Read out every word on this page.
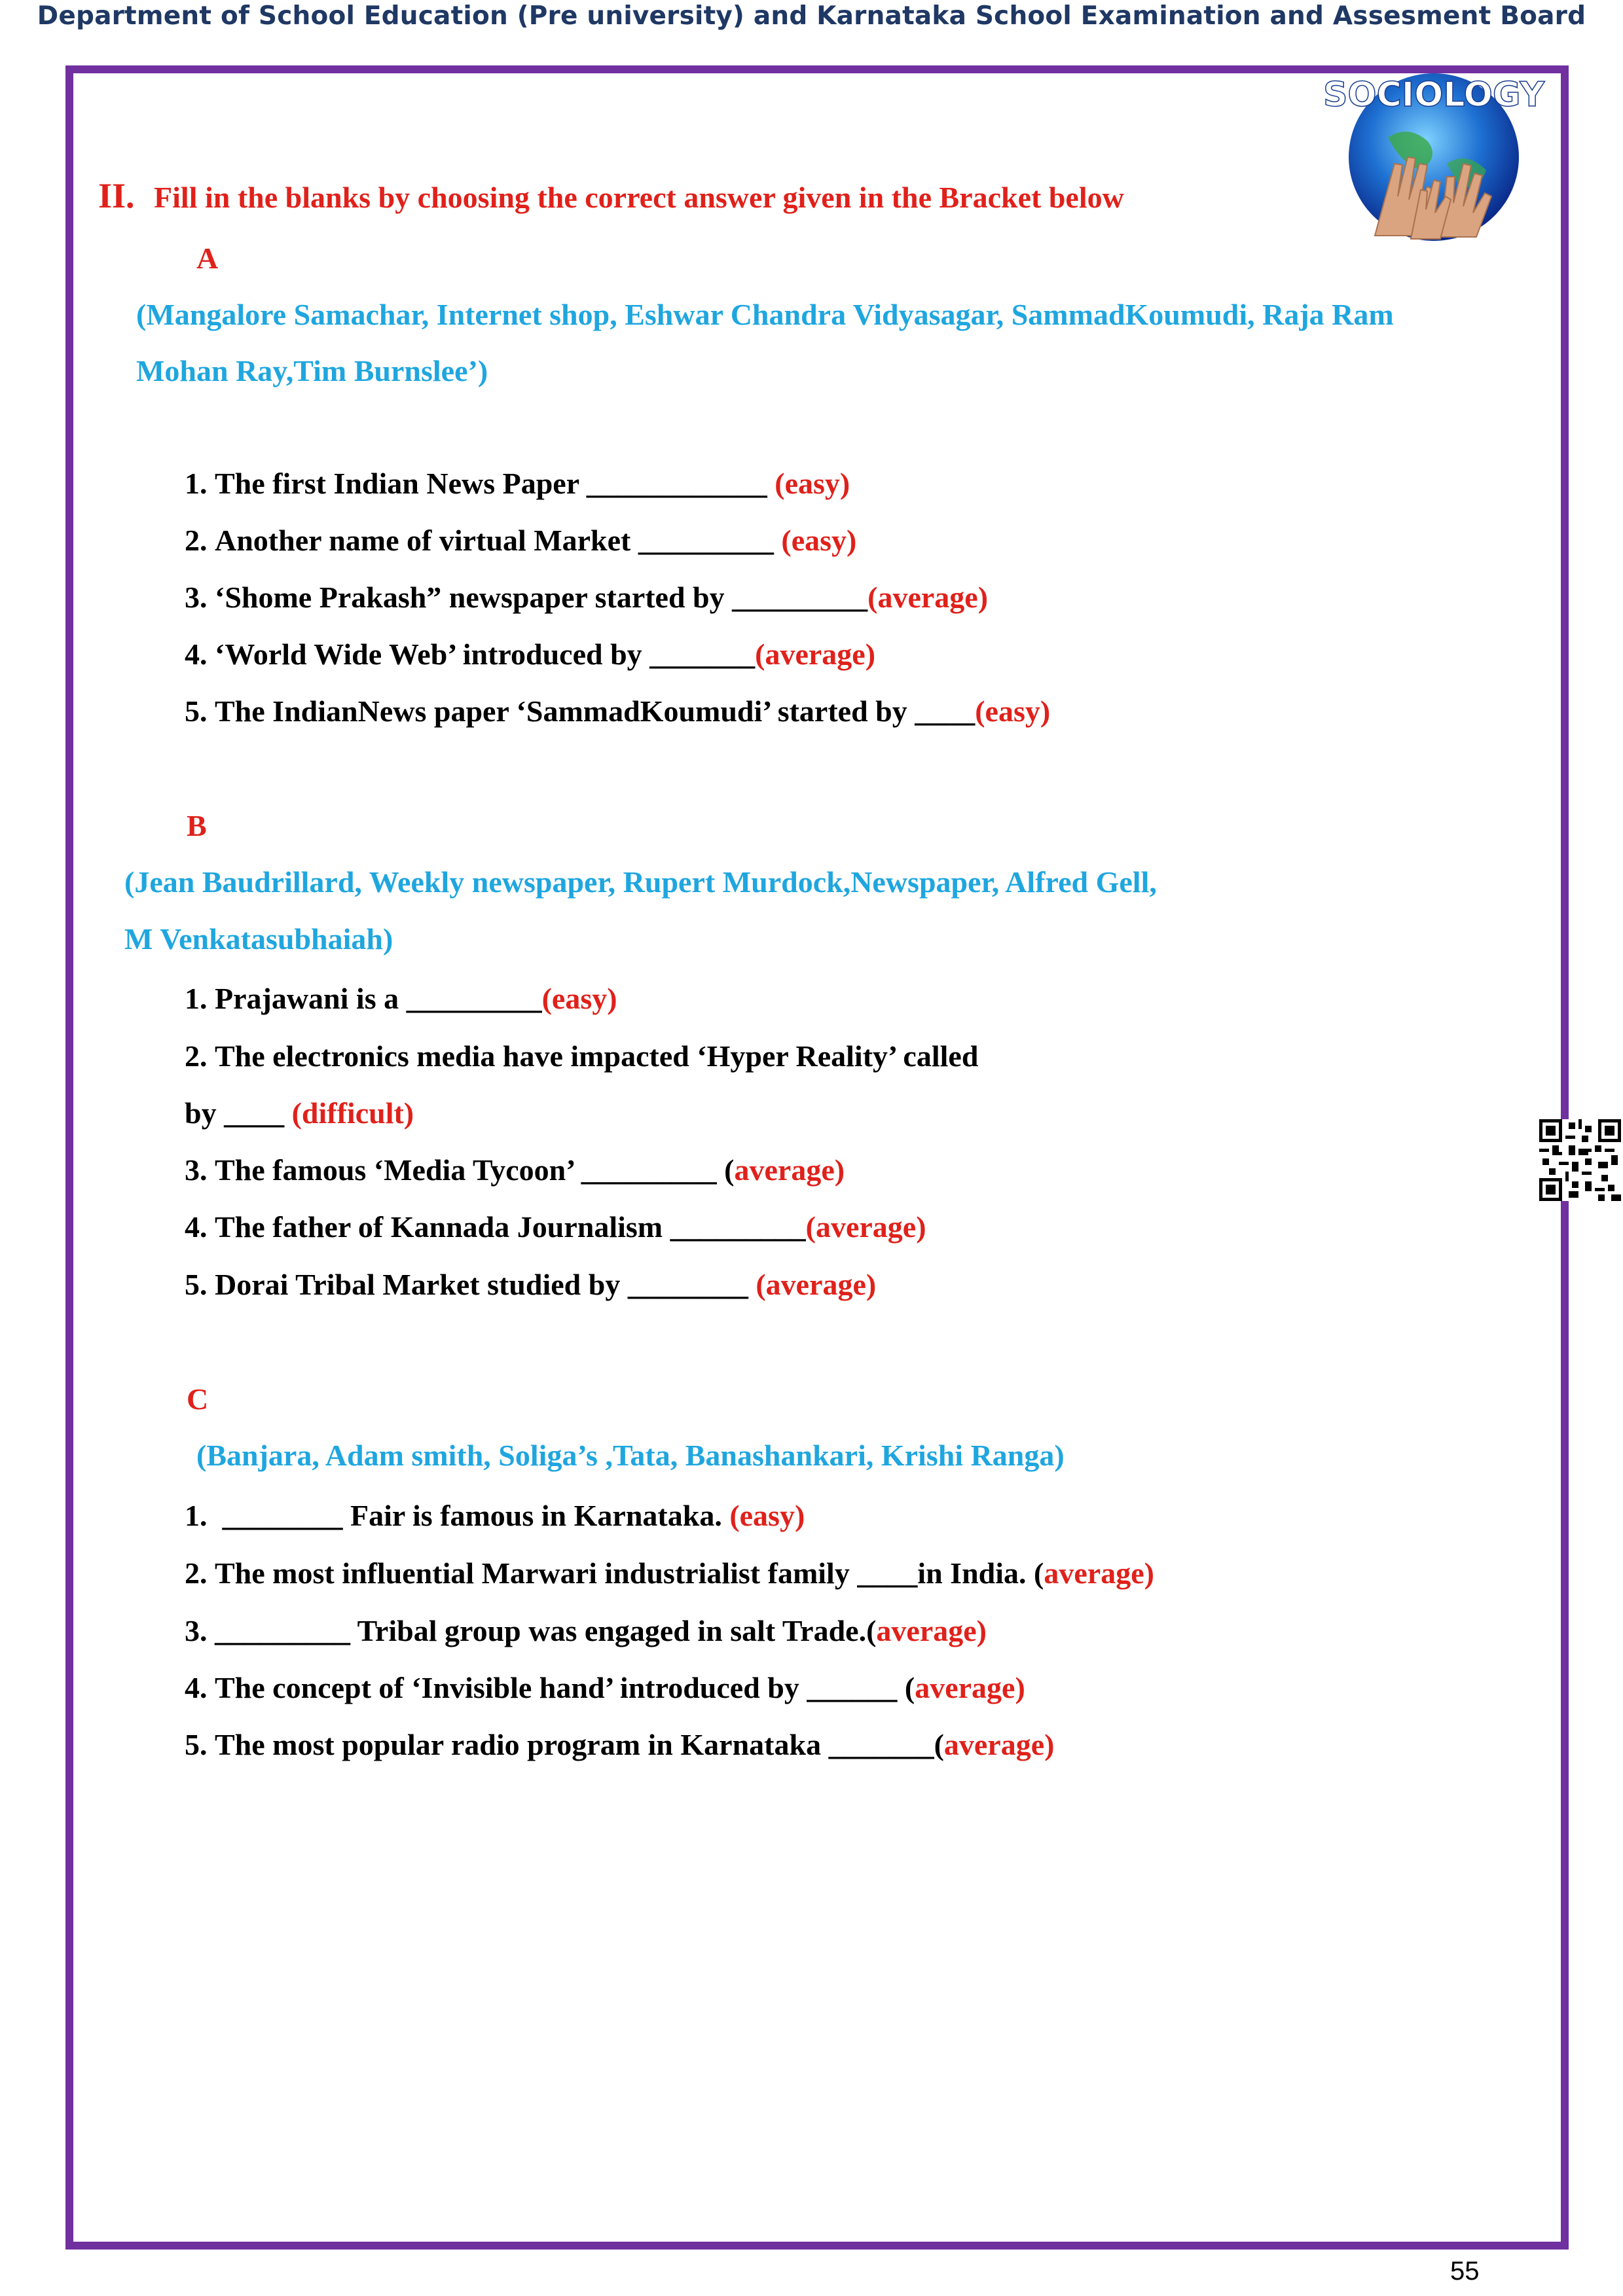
Department of School Education (Pre university) and Karnataka School Examination and Assesment Board
SOCIOLOGY
II. Fill in the blanks by choosing the correct answer given in the Bracket below
A
(Mangalore Samachar, Internet shop, Eshwar Chandra Vidyasagar, SammadKoumudi, Raja Ram
Mohan Ray,Tim Burnslee’)
1. The first Indian News Paper ____________ (easy)
2. Another name of virtual Market _________ (easy)
3. ‘Shome Prakash” newspaper started by _________(average)
4. ‘World Wide Web’ introduced by _______(average)
5. The IndianNews paper ‘SammadKoumudi’ started by ____(easy)
B
(Jean Baudrillard, Weekly newspaper, Rupert Murdock,Newspaper, Alfred Gell,
M Venkatasubhaiah)
1. Prajawani is a _________(easy)
2. The electronics media have impacted ‘Hyper Reality’ called
by ____ (difficult)
3. The famous ‘Media Tycoon’ _________ (average)
4. The father of Kannada Journalism _________(average)
5. Dorai Tribal Market studied by ________ (average)
C
(Banjara, Adam smith, Soliga’s ,Tata, Banashankari, Krishi Ranga)
1. ________ Fair is famous in Karnataka. (easy)
2. The most influential Marwari industrialist family ____in India. (average)
3. _________ Tribal group was engaged in salt Trade.(average)
4. The concept of ‘Invisible hand’ introduced by ______ (average)
5. The most popular radio program in Karnataka _______(average)
55
